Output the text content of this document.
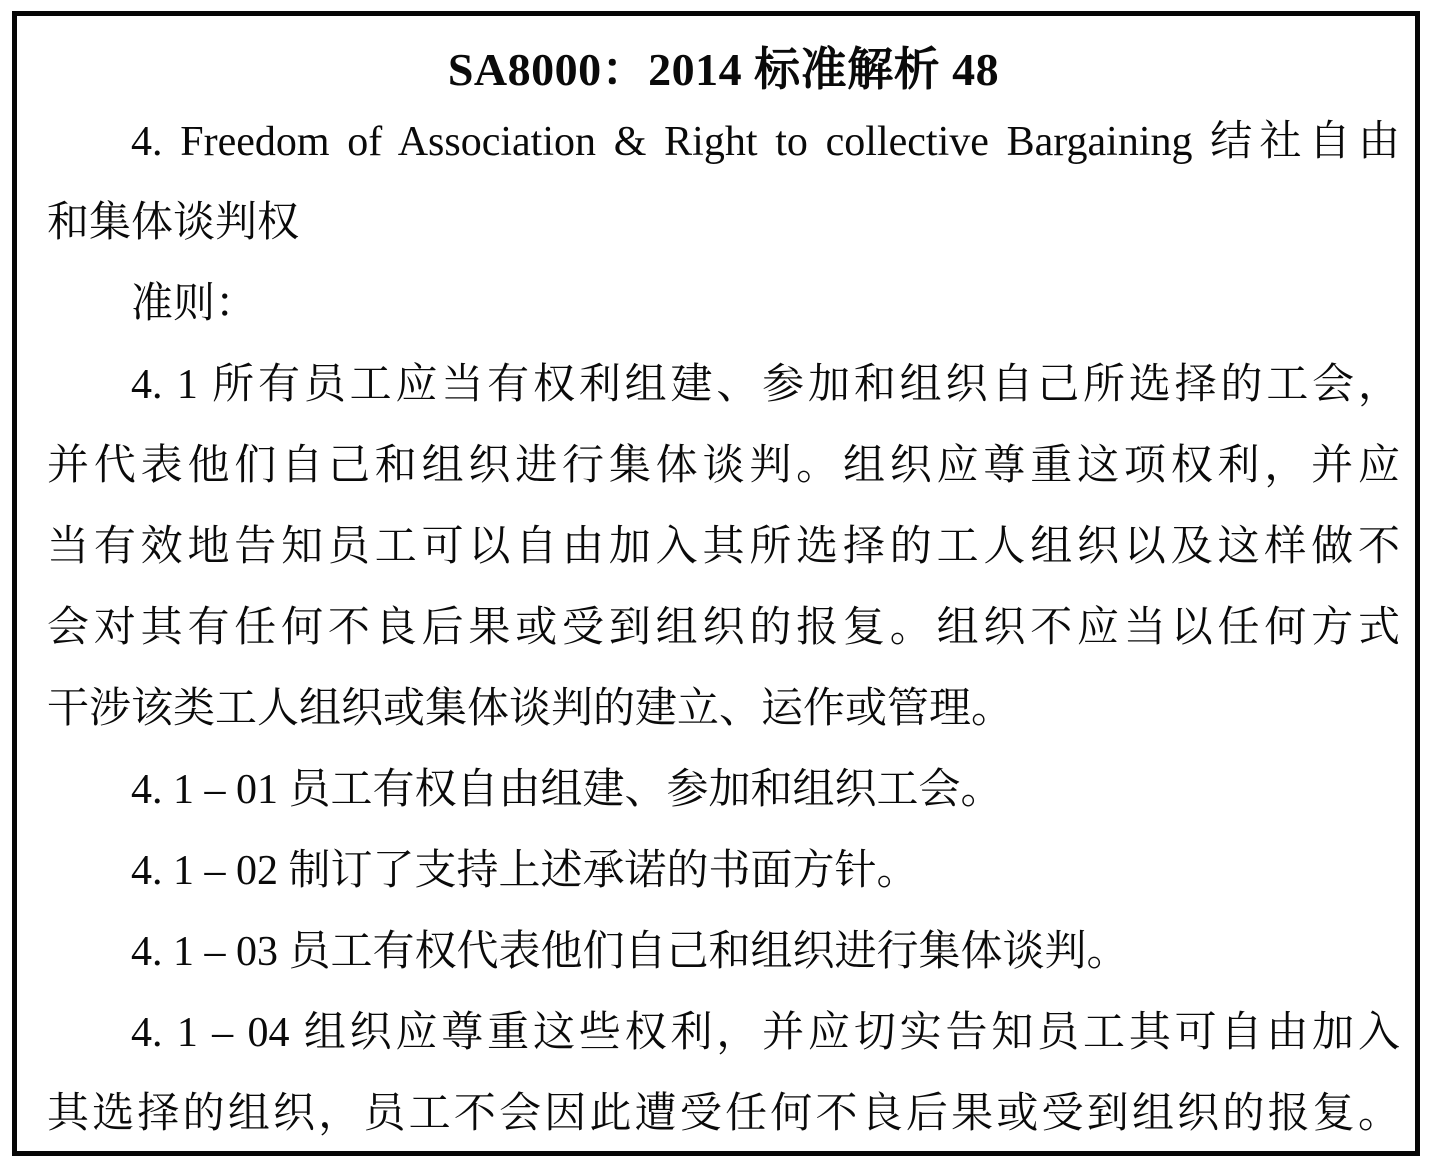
SA8000：2014 标准解析 48
4. Freedom of Association & Right to collective Bargaining 结社自由
和集体谈判权
准则：
4. 1 所有员工应当有权利组建、参加和组织自己所选择的工会，
并代表他们自己和组织进行集体谈判。组织应尊重这项权利，并应
当有效地告知员工可以自由加入其所选择的工人组织以及这样做不
会对其有任何不良后果或受到组织的报复。组织不应当以任何方式
干涉该类工人组织或集体谈判的建立、运作或管理。
4. 1 – 01 员工有权自由组建、参加和组织工会。
4. 1 – 02 制订了支持上述承诺的书面方针。
4. 1 – 03 员工有权代表他们自己和组织进行集体谈判。
4. 1 – 04 组织应尊重这些权利，并应切实告知员工其可自由加入
其选择的组织，员工不会因此遭受任何不良后果或受到组织的报复。
